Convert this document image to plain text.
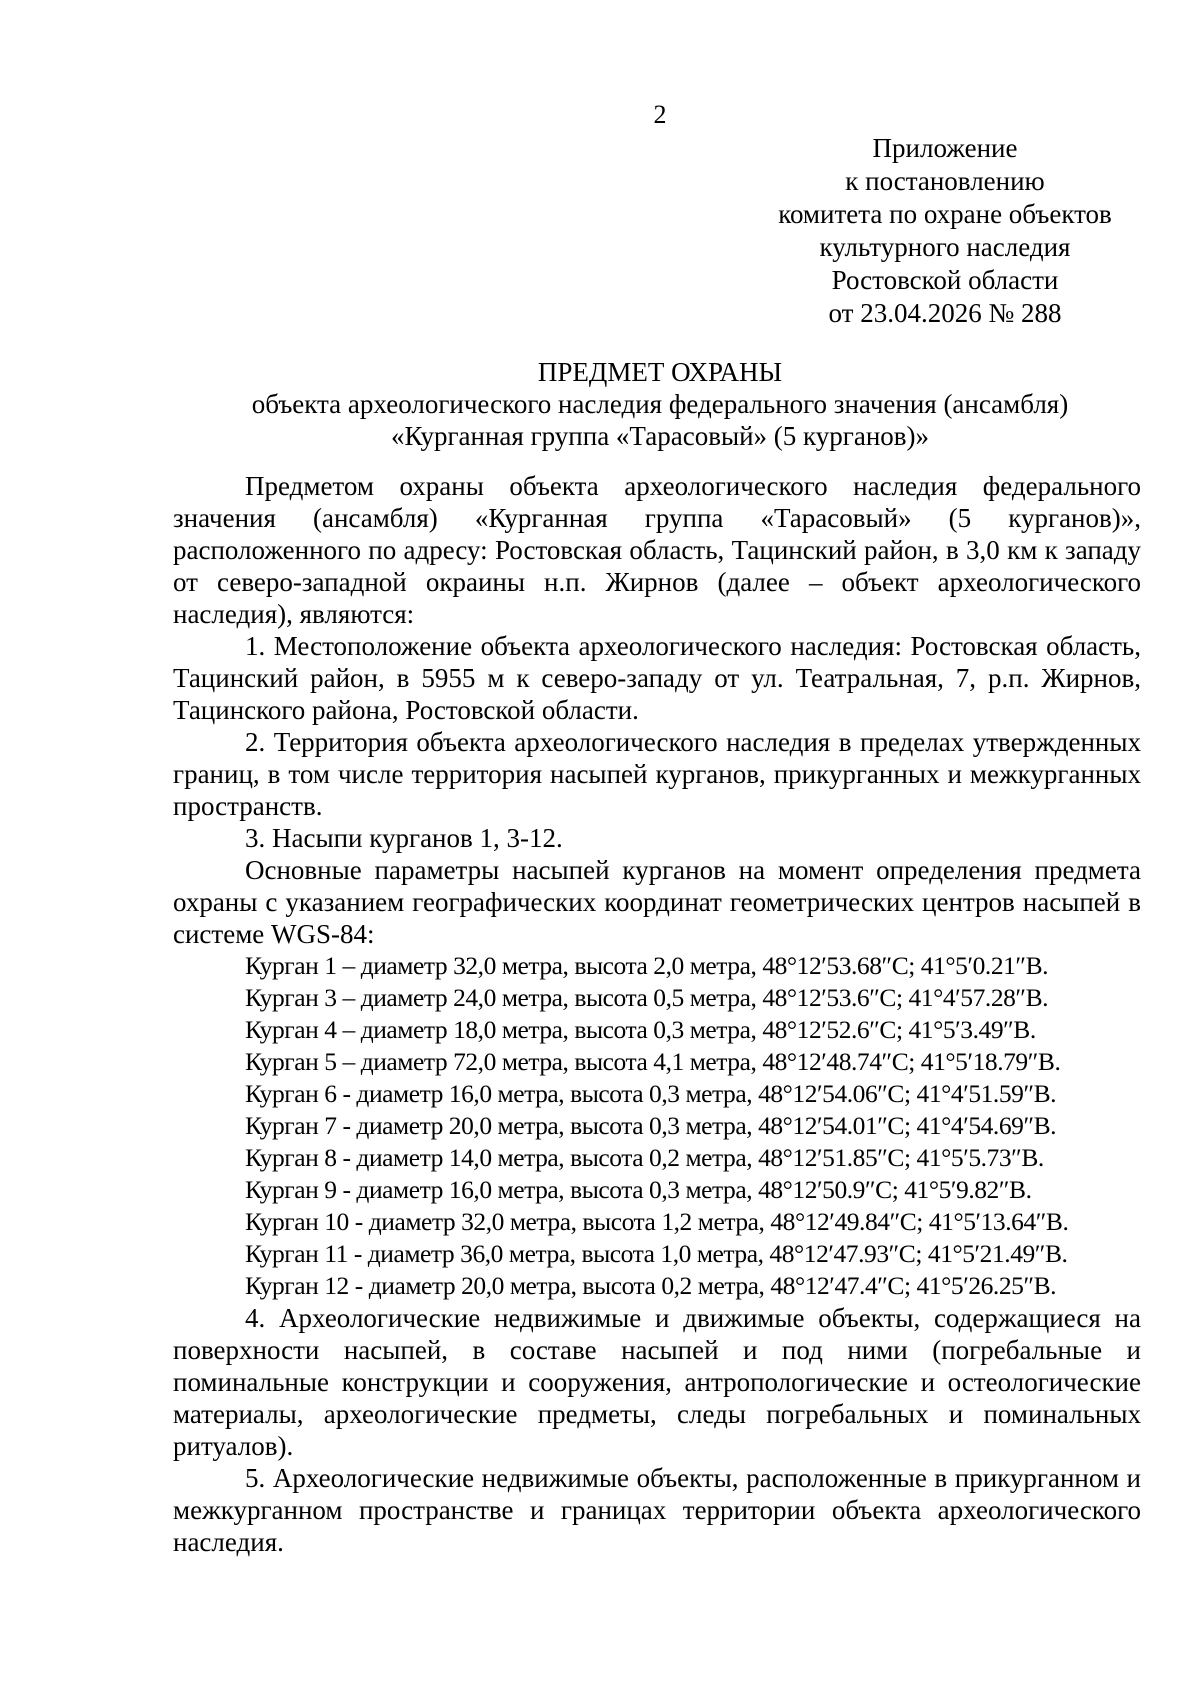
2
Приложение
к постановлению
комитета по охране объектов
культурного наследия
Ростовской области
от 23.04.2026 № 288
ПРЕДМЕТ ОХРАНЫ
объекта археологического наследия федерального значения (ансамбля)
«Курганная группа «Тарасовый» (5 курганов)»

Предметом охраны объекта археологического наследия федерального значения (ансамбля) «Курганная группа «Тарасовый» (5 курганов)», расположенного по адресу: Ростовская область, Тацинский район, в 3,0 км к западу от северо-западной окраины н.п. Жирнов (далее – объект археологического наследия), являются:

1. Местоположение объекта археологического наследия: Ростовская область, Тацинский район, в 5955 м к северо-западу от ул. Театральная, 7, р.п. Жирнов, Тацинского района, Ростовской области.

2. Территория объекта археологического наследия в пределах утвержденных границ, в том числе территория насыпей курганов, прикурганных и межкурганных пространств.

3. Насыпи курганов 1, 3-12.

Основные параметры насыпей курганов на момент определения предмета охраны с указанием географических координат геометрических центров насыпей в системе WGS-84:

Курган 1 – диаметр 32,0 метра, высота 2,0 метра, 48°12′53.68″С; 41°5′0.21″В.
Курган 3 – диаметр 24,0 метра, высота 0,5 метра, 48°12′53.6″С; 41°4′57.28″В.
Курган 4 – диаметр 18,0 метра, высота 0,3 метра, 48°12′52.6″С; 41°5′3.49″В.
Курган 5 – диаметр 72,0 метра, высота 4,1 метра, 48°12′48.74″С; 41°5′18.79″В.
Курган 6 - диаметр 16,0 метра, высота 0,3 метра, 48°12′54.06″С; 41°4′51.59″В.
Курган 7 - диаметр 20,0 метра, высота 0,3 метра, 48°12′54.01″С; 41°4′54.69″В.
Курган 8 - диаметр 14,0 метра, высота 0,2 метра, 48°12′51.85″С; 41°5′5.73″В.
Курган 9 - диаметр 16,0 метра, высота 0,3 метра, 48°12′50.9″С; 41°5′9.82″В.
Курган 10 - диаметр 32,0 метра, высота 1,2 метра, 48°12′49.84″С; 41°5′13.64″В.
Курган 11 - диаметр 36,0 метра, высота 1,0 метра, 48°12′47.93″С; 41°5′21.49″В.
Курган 12 - диаметр 20,0 метра, высота 0,2 метра, 48°12′47.4″С; 41°5′26.25″В.

4. Археологические недвижимые и движимые объекты, содержащиеся на поверхности насыпей, в составе насыпей и под ними (погребальные и поминальные конструкции и сооружения, антропологические и остеологические материалы, археологические предметы, следы погребальных и поминальных ритуалов).

5. Археологические недвижимые объекты, расположенные в прикурганном и межкурганном пространстве и границах территории объекта археологического наследия.
